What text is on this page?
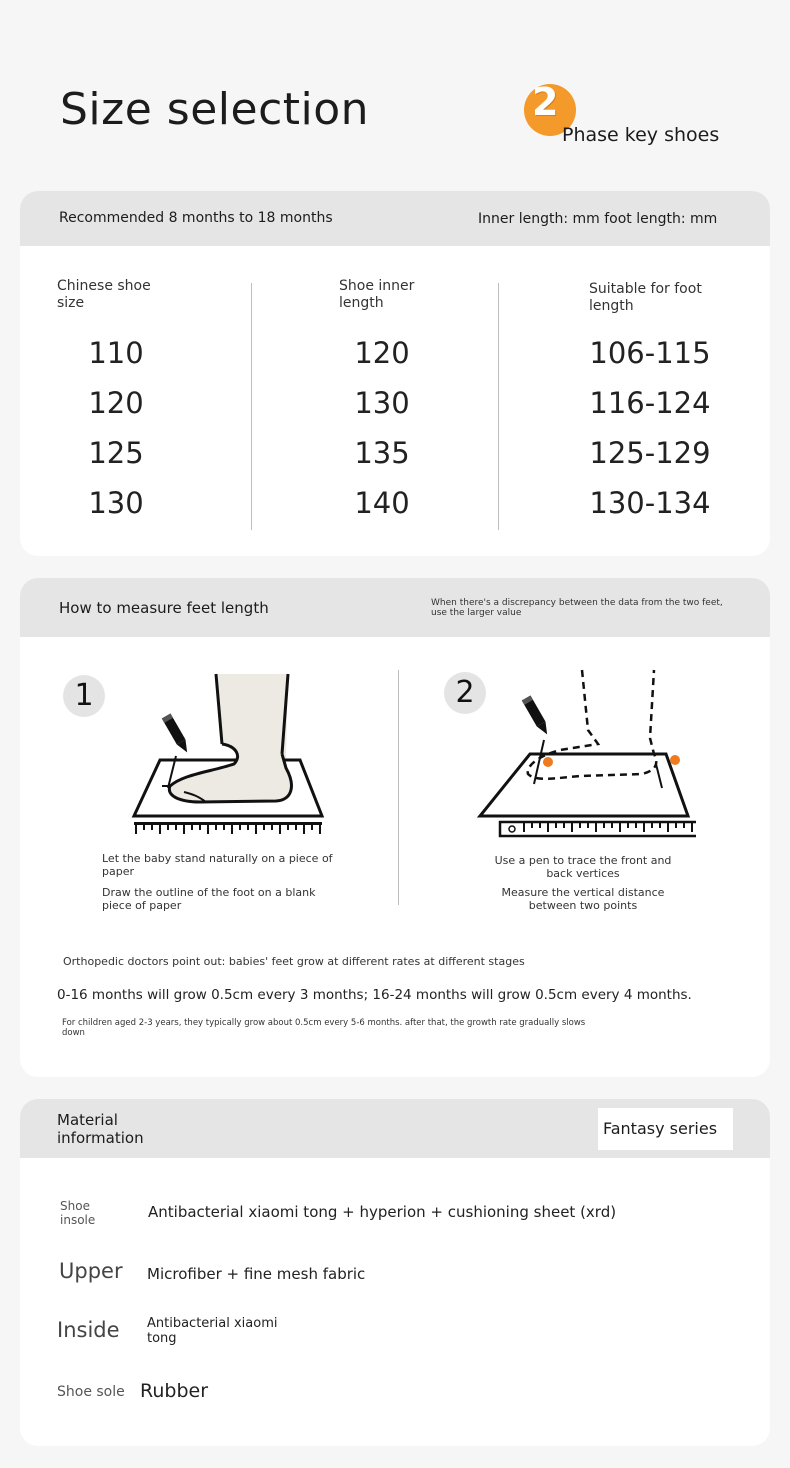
Size selection	2
Phase key shoes
Recommended 8 months to 18 months	Inner length: mm foot length: mm
Chinese shoe size
Shoe inner length
Suitable for foot length
110	120	106-115
120	130	116-124
125	135	125-129
130	140	130-134
How to measure feet length	When there's a discrepancy between the data from the two feet, use the larger value
1
Let the baby stand naturally on a piece of paper
Draw the outline of the foot on a blank piece of paper
2
Use a pen to trace the front and back vertices
Measure the vertical distance between two points
Orthopedic doctors point out: babies' feet grow at different rates at different stages
0-16 months will grow 0.5cm every 3 months; 16-24 months will grow 0.5cm every 4 months.
For children aged 2-3 years, they typically grow about 0.5cm every 5-6 months. after that, the growth rate gradually slows down
Material information	Fantasy series
Shoe insole	Antibacterial xiaomi tong + hyperion + cushioning sheet (xrd)
Upper Microfiber + fine mesh fabric
Inside Antibacterial xiaomi tong
Shoe sole Rubber
